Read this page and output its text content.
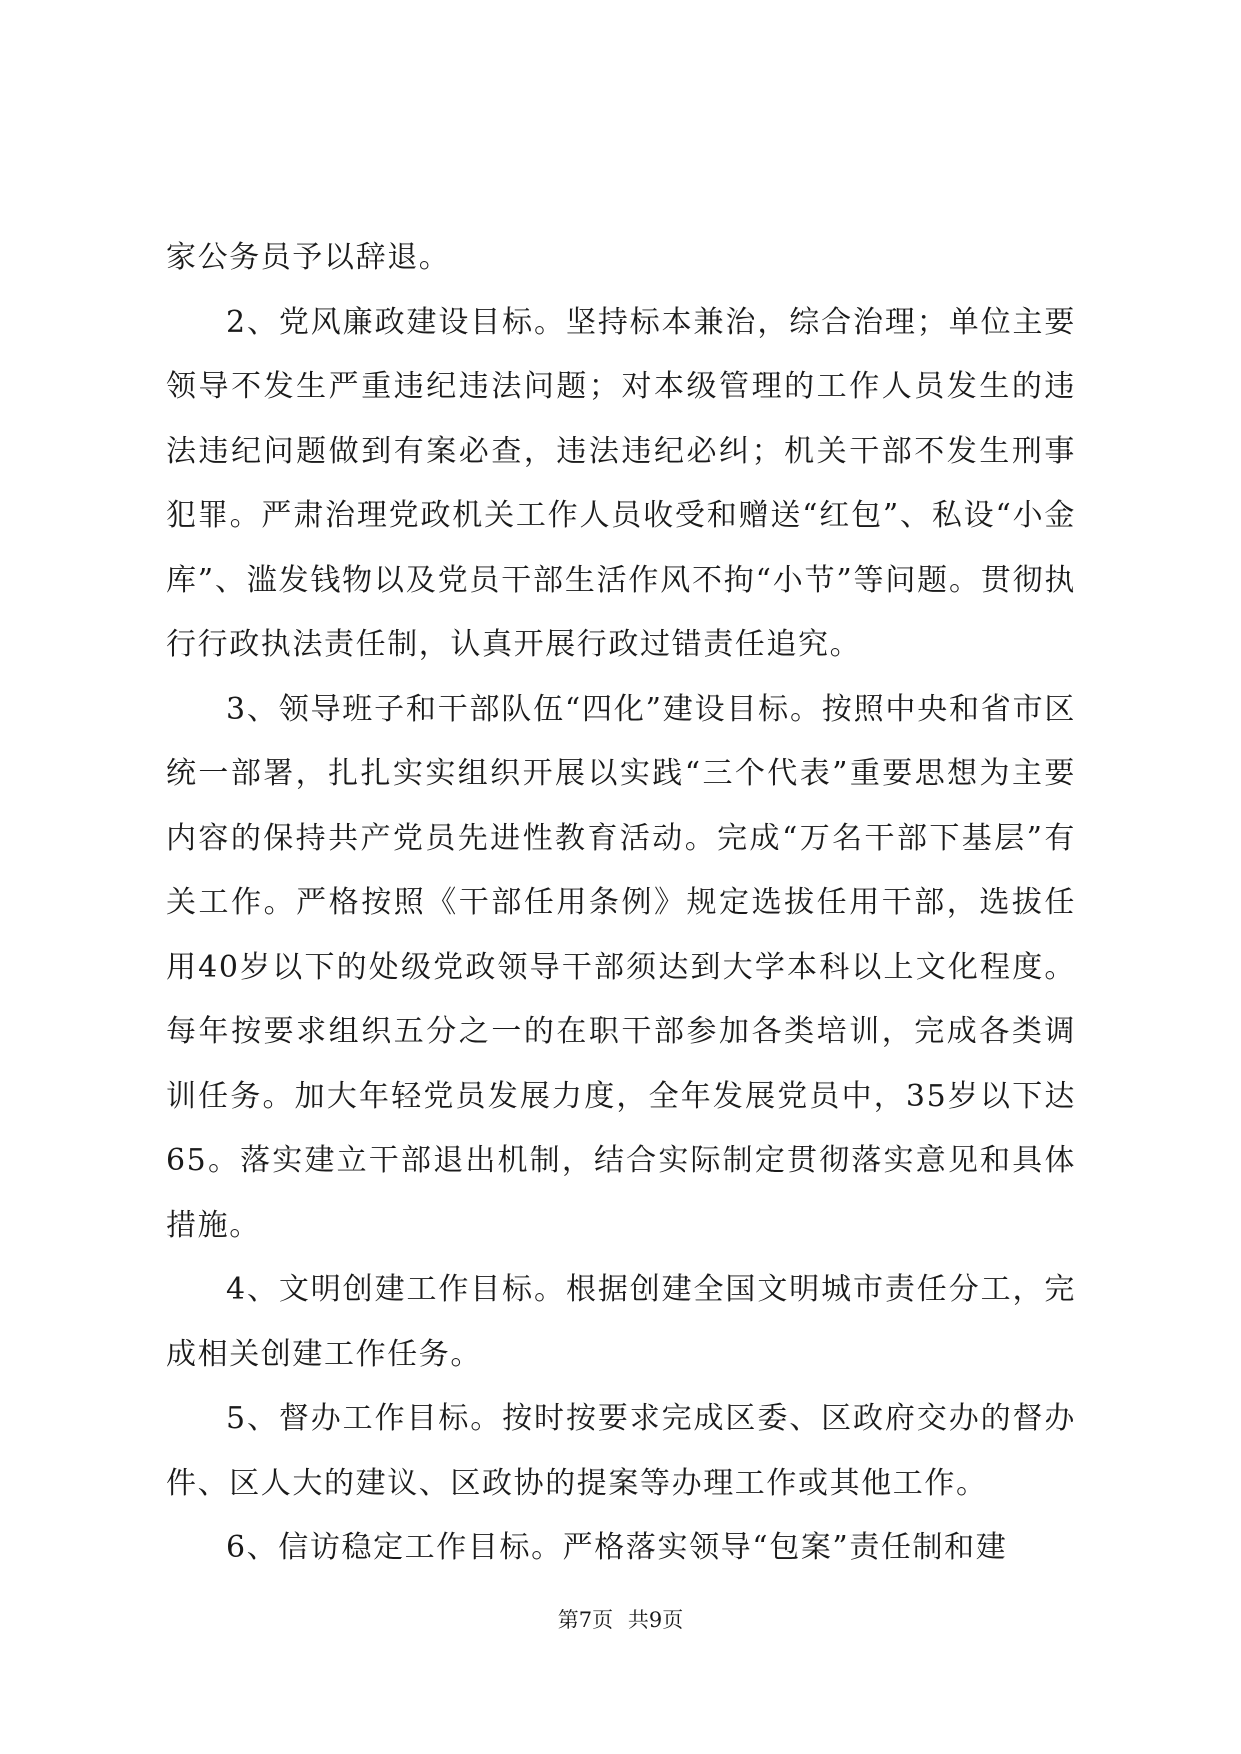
家公务员予以辞退。

2、党风廉政建设目标。坚持标本兼治，综合治理；单位主要领导不发生严重违纪违法问题；对本级管理的工作人员发生的违法违纪问题做到有案必查，违法违纪必纠；机关干部不发生刑事犯罪。严肃治理党政机关工作人员收受和赠送“红包”、私设“小金库”、滥发钱物以及党员干部生活作风不拘“小节”等问题。贯彻执行行政执法责任制，认真开展行政过错责任追究。

3、领导班子和干部队伍“四化”建设目标。按照中央和省市区统一部署，扎扎实实组织开展以实践“三个代表”重要思想为主要内容的保持共产党员先进性教育活动。完成“万名干部下基层”有关工作。严格按照《干部任用条例》规定选拔任用干部，选拔任用40岁以下的处级党政领导干部须达到大学本科以上文化程度。每年按要求组织五分之一的在职干部参加各类培训，完成各类调训任务。加大年轻党员发展力度，全年发展党员中，35岁以下达65。落实建立干部退出机制，结合实际制定贯彻落实意见和具体措施。

4、文明创建工作目标。根据创建全国文明城市责任分工，完成相关创建工作任务。

5、督办工作目标。按时按要求完成区委、区政府交办的督办件、区人大的建议、区政协的提案等办理工作或其他工作。

6、信访稳定工作目标。严格落实领导“包案”责任制和建

第7页 共9页
